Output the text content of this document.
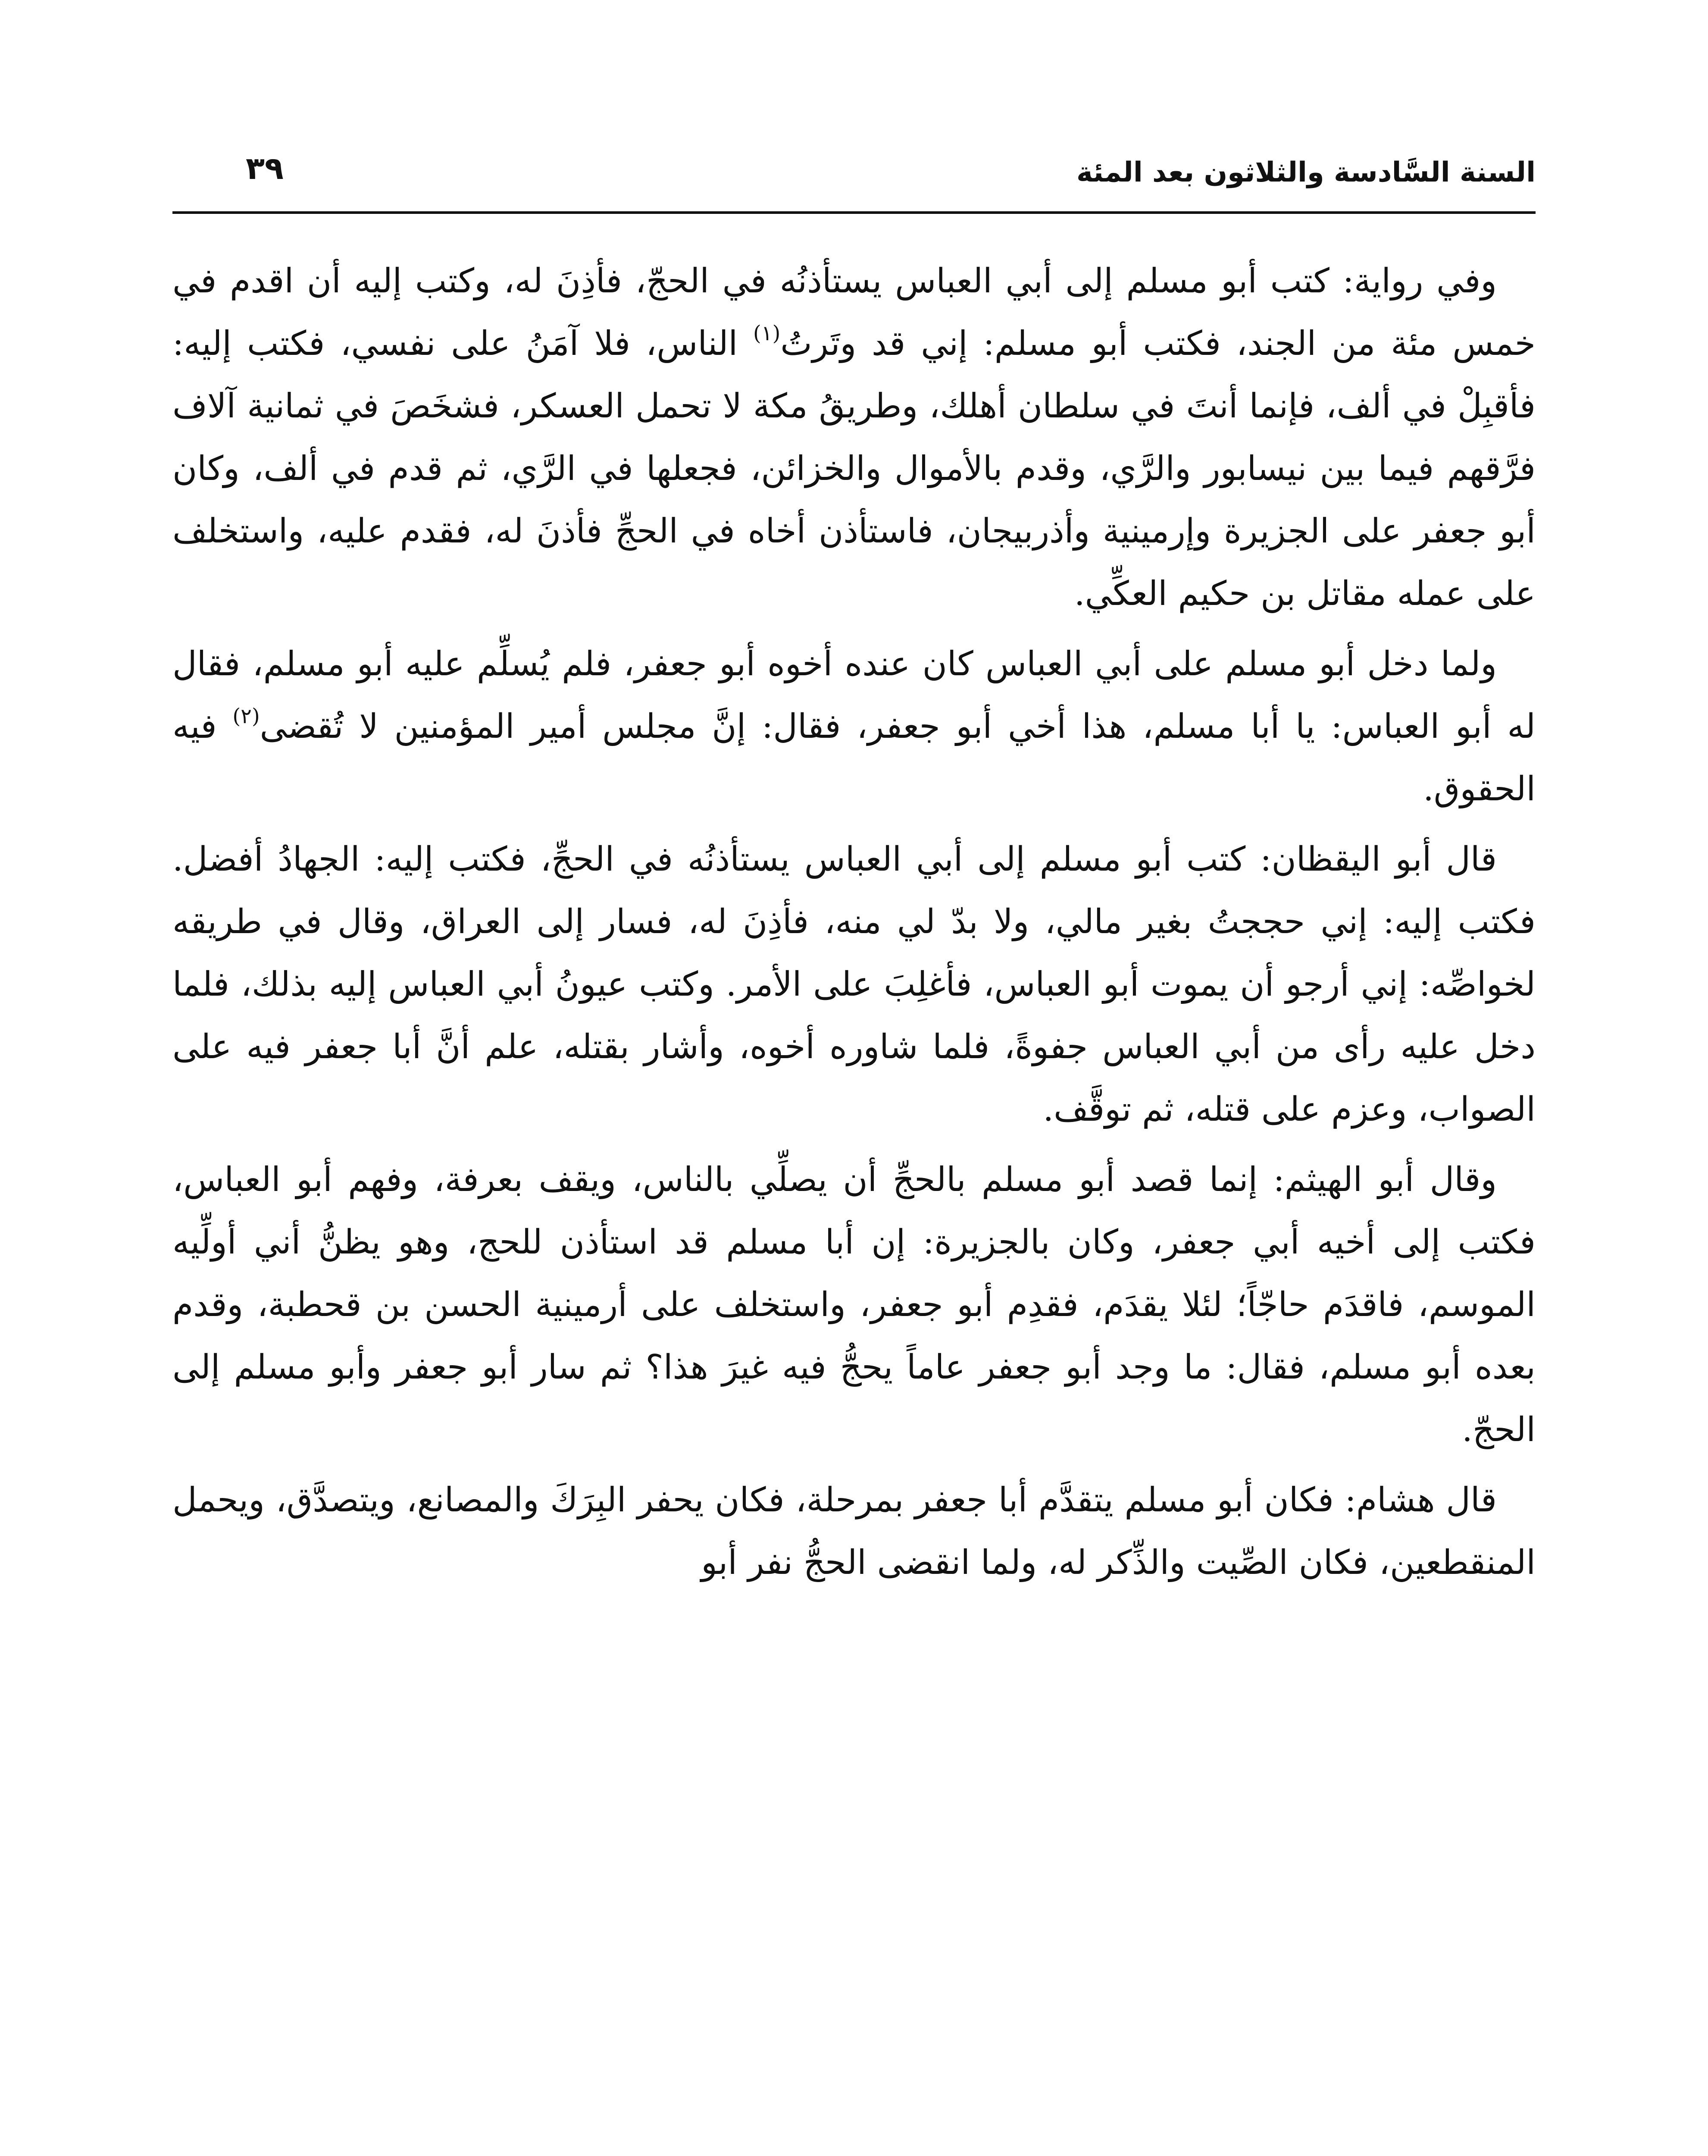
السنة السَّادسة والثلاثون بعد المئة
٣٩

وفي رواية: كتب أبو مسلم إلى أبي العباس يستأذنُه في الحجّ، فأذِنَ له، وكتب إليه أن اقدم في خمس مئة من الجند، فكتب أبو مسلم: إني قد وتَرتُ$^{(١)}$ الناس، فلا آمَنُ على نفسي، فكتب إليه: فأقبِلْ في ألف، فإنما أنتَ في سلطان أهلك، وطريقُ مكة لا تحمل العسكر، فشخَصَ في ثمانية آلاف فرَّقهم فيما بين نيسابور والرَّي، وقدم بالأموال والخزائن، فجعلها في الرَّي، ثم قدم في ألف، وكان أبو جعفر على الجزيرة وإرمينية وأذربيجان، فاستأذن أخاه في الحجِّ فأذنَ له، فقدم عليه، واستخلف على عمله مقاتل بن حكيم العكِّي.

ولما دخل أبو مسلم على أبي العباس كان عنده أخوه أبو جعفر، فلم يُسلِّم عليه أبو مسلم، فقال له أبو العباس: يا أبا مسلم، هذا أخي أبو جعفر، فقال: إنَّ مجلس أمير المؤمنين لا تُقضى$^{(٢)}$ فيه الحقوق.

قال أبو اليقظان: كتب أبو مسلم إلى أبي العباس يستأذنُه في الحجِّ، فكتب إليه: الجهادُ أفضل. فكتب إليه: إني حججتُ بغير مالي، ولا بدّ لي منه، فأذِنَ له، فسار إلى العراق، وقال في طريقه لخواصِّه: إني أرجو أن يموت أبو العباس، فأغلِبَ على الأمر. وكتب عيونُ أبي العباس إليه بذلك، فلما دخل عليه رأى من أبي العباس جفوةً، فلما شاوره أخوه، وأشار بقتله، علم أنَّ أبا جعفر فيه على الصواب، وعزم على قتله، ثم توقَّف.

وقال أبو الهيثم: إنما قصد أبو مسلم بالحجِّ أن يصلِّي بالناس، ويقف بعرفة، وفهم أبو العباس، فكتب إلى أخيه أبي جعفر، وكان بالجزيرة: إن أبا مسلم قد استأذن للحج، وهو يظنُّ أني أولِّيه الموسم، فاقدَم حاجّاً؛ لئلا يقدَم، فقدِم أبو جعفر، واستخلف على أرمينية الحسن بن قحطبة، وقدم بعده أبو مسلم، فقال: ما وجد أبو جعفر عاماً يحجُّ فيه غيرَ هذا؟ ثم سار أبو جعفر وأبو مسلم إلى الحجّ.

قال هشام: فكان أبو مسلم يتقدَّم أبا جعفر بمرحلة، فكان يحفر البِرَكَ والمصانع، ويتصدَّق، ويحمل المنقطعين، فكان الصِّيت والذِّكر له، ولما انقضى الحجُّ نفر أبو
